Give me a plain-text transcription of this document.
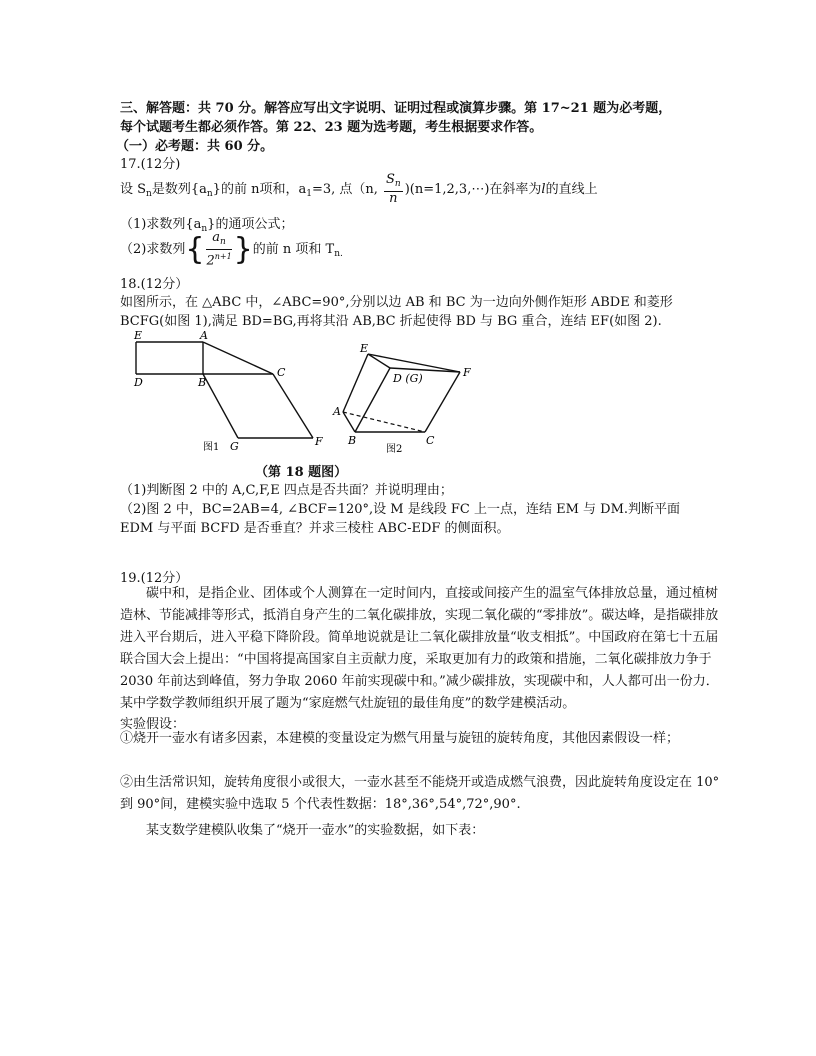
三、解答题：共 70 分。解答应写出文字说明、证明过程或演算步骤。第 17~21 题为必考题，
每个试题考生都必须作答。第 22、23 题为选考题，考生根据要求作答。
（一）必考题：共 60 分。
17.(12分)
设 $S_n$是数列$\{a_n\}$的前 n项和，$a_1=3$, 点（n, $\frac{S_n}{n}$ )(n=1,2,3,⋯)在斜率为l的直线上
（1)求数列$\{a_n\}$的通项公式；
（2)求数列{ $\frac{a_n}{2^{n+1}}$ }的前 n 项和 $T_{n.}$
18.(12分）
如图所示，在 △ABC 中，∠ABC=90°,分别以边 AB 和 BC 为一边向外侧作矩形 ABDE 和菱形
BCFG(如图 1),满足 BD=BG,再将其沿 AB,BC 折起使得 BD 与 BG 重合，连结 EF(如图 2).
E	A
D	B
C
G	F
图1
E
D (G)	F
A
B	C
图2
（第 18 题图）
（1)判断图 2 中的 A,C,F,E 四点是否共面？并说明理由；
（2)图 2 中，BC=2AB=4, ∠BCF=120°,设 M 是线段 FC 上一点，连结 EM 与 DM.判断平面
EDM 与平面 BCFD 是否垂直？并求三棱柱 ABC-EDF 的侧面积。
19.(12分）
碳中和，是指企业、团体或个人测算在一定时间内，直接或间接产生的温室气体排放总量，通过植树造林、节能减排等形式，抵消自身产生的二氧化碳排放，实现二氧化碳的“零排放”。碳达峰，是指碳排放进入平台期后，进入平稳下降阶段。简单地说就是让二氧化碳排放量“收支相抵”。中国政府在第七十五届联合国大会上提出：“中国将提高国家自主贡献力度，采取更加有力的政策和措施，二氧化碳排放力争于 2030 年前达到峰值，努力争取 2060 年前实现碳中和。”减少碳排放，实现碳中和，人人都可出一份力．某中学数学教师组织开展了题为“家庭燃气灶旋钮的最佳角度”的数学建模活动。
实验假设：
①烧开一壶水有诸多因素，本建模的变量设定为燃气用量与旋钮的旋转角度，其他因素假设一样；
②由生活常识知，旋转角度很小或很大，一壶水甚至不能烧开或造成燃气浪费，因此旋转角度设定在 10°到 90°间，建模实验中选取 5 个代表性数据：18°,36°,54°,72°,90°.
某支数学建模队收集了“烧开一壶水”的实验数据，如下表：
